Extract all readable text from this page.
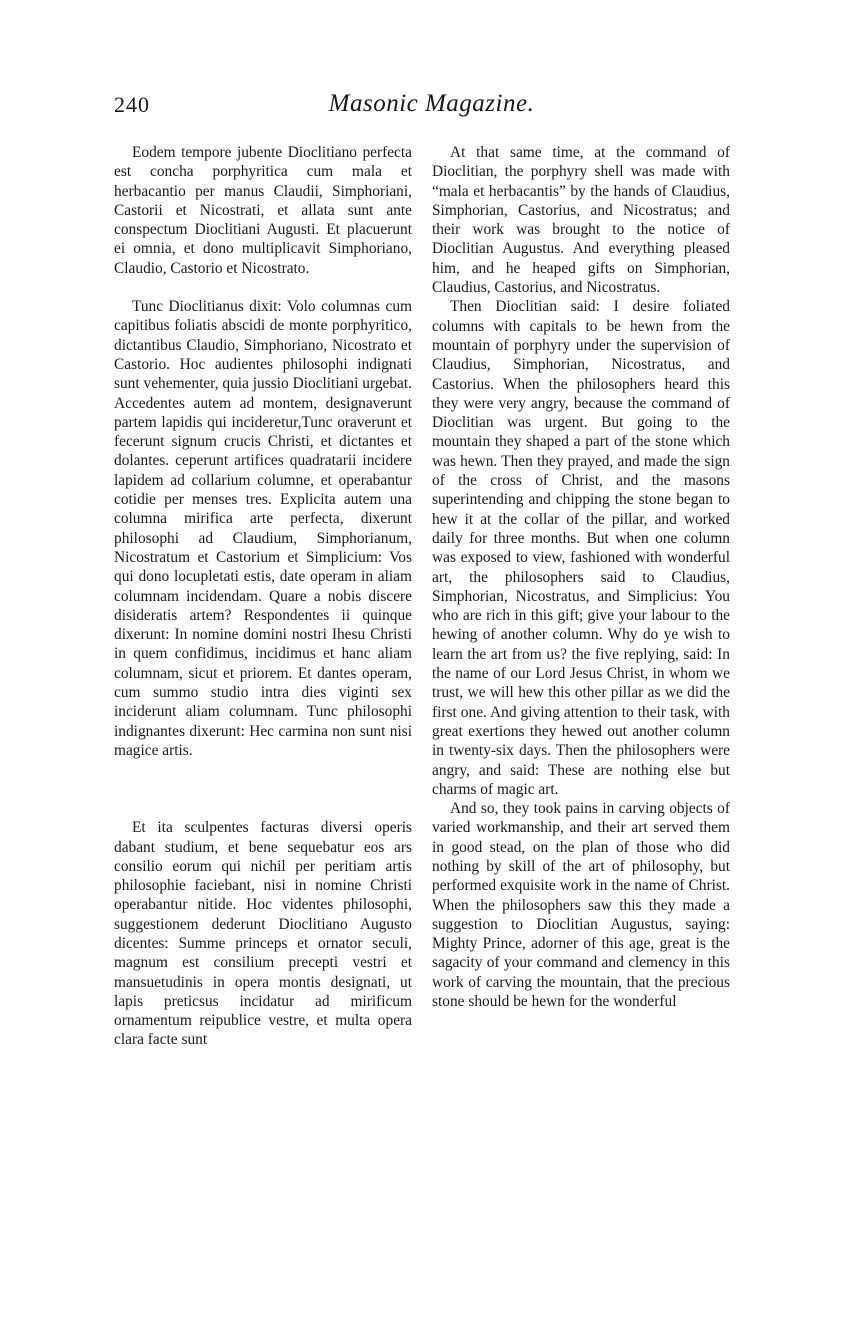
240	Masonic Magazine.

Eodem tempore jubente Dioclitiano perfecta est concha porphyritica cum mala et herbacantio per manus Claudii, Simphoriani, Castorii et Nicostrati, et allata sunt ante conspectum Dioclitiani Augusti. Et placuerunt ei omnia, et dono multiplicavit Simphoriano, Claudio, Castorio et Nicostrato.

Tunc Dioclitianus dixit: Volo columnas cum capitibus foliatis abscidi de monte porphyritico, dictantibus Claudio, Simphoriano, Nicostrato et Castorio. Hoc audientes philosophi indignati sunt vehementer, quia jussio Dioclitiani urgebat. Accedentes autem ad montem, designaverunt partem lapidis qui incideretur,Tunc oraverunt et fecerunt signum crucis Christi, et dictantes et dolantes. ceperunt artifices quadratarii incidere lapidem ad collarium columne, et operabantur cotidie per menses tres. Explicita autem una columna mirifica arte perfecta, dixerunt philosophi ad Claudium, Simphorianum, Nicostratum et Castorium et Simplicium: Vos qui dono locupletati estis, date operam in aliam columnam incidendam. Quare a nobis discere disideratis artem? Respondentes ii quinque dixerunt: In nomine domini nostri Ihesu Christi in quem confidimus, incidimus et hanc aliam columnam, sicut et priorem. Et dantes operam, cum summo studio intra dies viginti sex inciderunt aliam columnam. Tunc philosophi indignantes dixerunt: Hec carmina non sunt nisi magice artis.

Et ita sculpentes facturas diversi operis dabant studium, et bene sequebatur eos ars consilio eorum qui nichil per peritiam artis philosophie faciebant, nisi in nomine Christi operabantur nitide. Hoc videntes philosophi, suggestionem dederunt Dioclitiano Augusto dicentes: Summe princeps et ornator seculi, magnum est consilium precepti vestri et mansuetudinis in opera montis designati, ut lapis preticsus incidatur ad mirificum ornamentum reipublice vestre, et multa opera clara facte sunt

At that same time, at the command of Dioclitian, the porphyry shell was made with “mala et herbacantis” by the hands of Claudius, Simphorian, Castorius, and Nicostratus; and their work was brought to the notice of Dioclitian Augustus. And everything pleased him, and he heaped gifts on Simphorian, Claudius, Castorius, and Nicostratus.

Then Dioclitian said: I desire foliated columns with capitals to be hewn from the mountain of porphyry under the supervision of Claudius, Simphorian, Nicostratus, and Castorius. When the philosophers heard this they were very angry, because the command of Dioclitian was urgent. But going to the mountain they shaped a part of the stone which was hewn. Then they prayed, and made the sign of the cross of Christ, and the masons superintending and chipping the stone began to hew it at the collar of the pillar, and worked daily for three months. But when one column was exposed to view, fashioned with wonderful art, the philosophers said to Claudius, Simphorian, Nicostratus, and Simplicius: You who are rich in this gift; give your labour to the hewing of another column. Why do ye wish to learn the art from us? the five replying, said: In the name of our Lord Jesus Christ, in whom we trust, we will hew this other pillar as we did the first one. And giving attention to their task, with great exertions they hewed out another column in twenty-six days. Then the philosophers were angry, and said: These are nothing else but charms of magic art.

And so, they took pains in carving objects of varied workmanship, and their art served them in good stead, on the plan of those who did nothing by skill of the art of philosophy, but performed exquisite work in the name of Christ. When the philosophers saw this they made a suggestion to Dioclitian Augustus, saying: Mighty Prince, adorner of this age, great is the sagacity of your command and clemency in this work of carving the mountain, that the precious stone should be hewn for the wonderful
